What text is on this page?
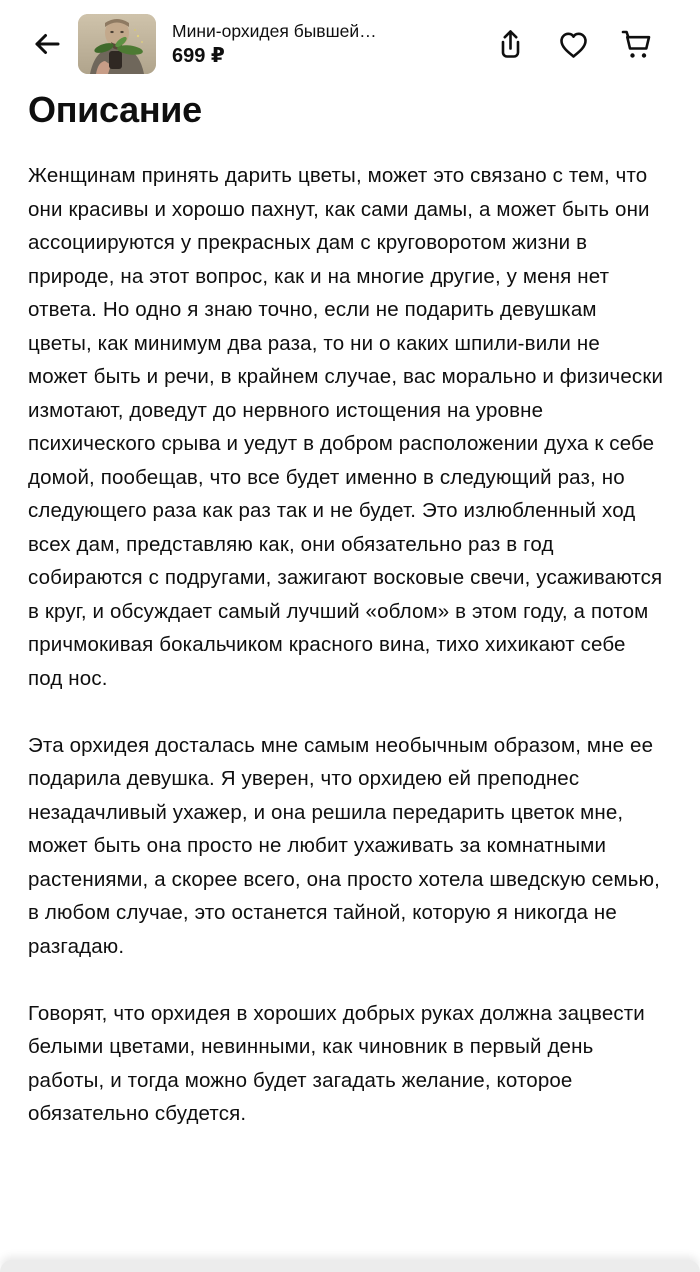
Мини-орхидея бывшей…
699 ₽
Описание

Женщинам принять дарить цветы, может это связано с тем, что они красивы и хорошо пахнут, как сами дамы, а может быть они ассоциируются у прекрасных дам с круговоротом жизни в природе, на этот вопрос, как и на многие другие, у меня нет ответа. Но одно я знаю точно, если не подарить девушкам цветы, как минимум два раза, то ни о каких шпили-вили не может быть и речи, в крайнем случае, вас морально и физически измотают, доведут до нервного истощения на уровне психического срыва и уедут в добром расположении духа к себе домой, пообещав, что все будет именно в следующий раз, но следующего раза как раз так и не будет. Это излюбленный ход всех дам, представляю как, они обязательно раз в год собираются с подругами, зажигают восковые свечи, усаживаются в круг, и обсуждает самый лучший «облом» в этом году, а потом причмокивая бокальчиком красного вина, тихо хихикают себе под нос.

Эта орхидея досталась мне самым необычным образом, мне ее подарила девушка. Я уверен, что орхидею ей преподнес незадачливый ухажер, и она решила передарить цветок мне, может быть она просто не любит ухаживать за комнатными растениями, а скорее всего, она просто хотела шведскую семью, в любом случае, это останется тайной, которую я никогда не разгадаю.

Говорят, что орхидея в хороших добрых руках должна зацвести белыми цветами, невинными, как чиновник в первый день работы, и тогда можно будет загадать желание, которое обязательно сбудется.
